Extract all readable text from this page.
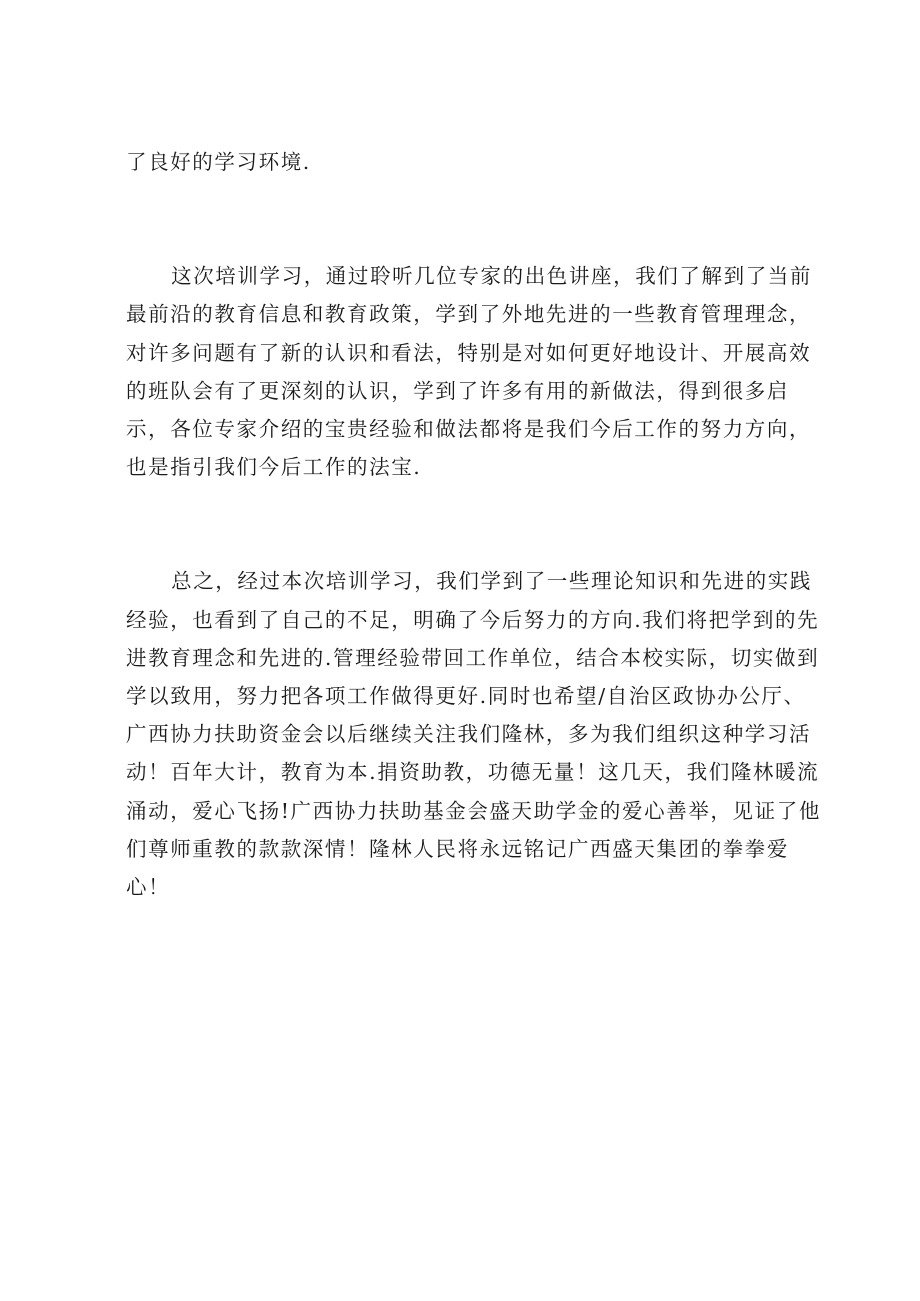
了良好的学习环境.

这次培训学习，通过聆听几位专家的出色讲座，我们了解到了当前最前沿的教育信息和教育政策，学到了外地先进的一些教育管理理念，对许多问题有了新的认识和看法，特别是对如何更好地设计、开展高效的班队会有了更深刻的认识，学到了许多有用的新做法，得到很多启示，各位专家介绍的宝贵经验和做法都将是我们今后工作的努力方向，也是指引我们今后工作的法宝.

总之，经过本次培训学习，我们学到了一些理论知识和先进的实践经验，也看到了自己的不足，明确了今后努力的方向.我们将把学到的先进教育理念和先进的.管理经验带回工作单位，结合本校实际，切实做到学以致用，努力把各项工作做得更好.同时也希望/自治区政协办公厅、广西协力扶助资金会以后继续关注我们隆林，多为我们组织这种学习活动！百年大计，教育为本.捐资助教，功德无量！这几天，我们隆林暖流涌动，爱心飞扬!广西协力扶助基金会盛天助学金的爱心善举，见证了他们尊师重教的款款深情！隆林人民将永远铭记广西盛天集团的拳拳爱心！
